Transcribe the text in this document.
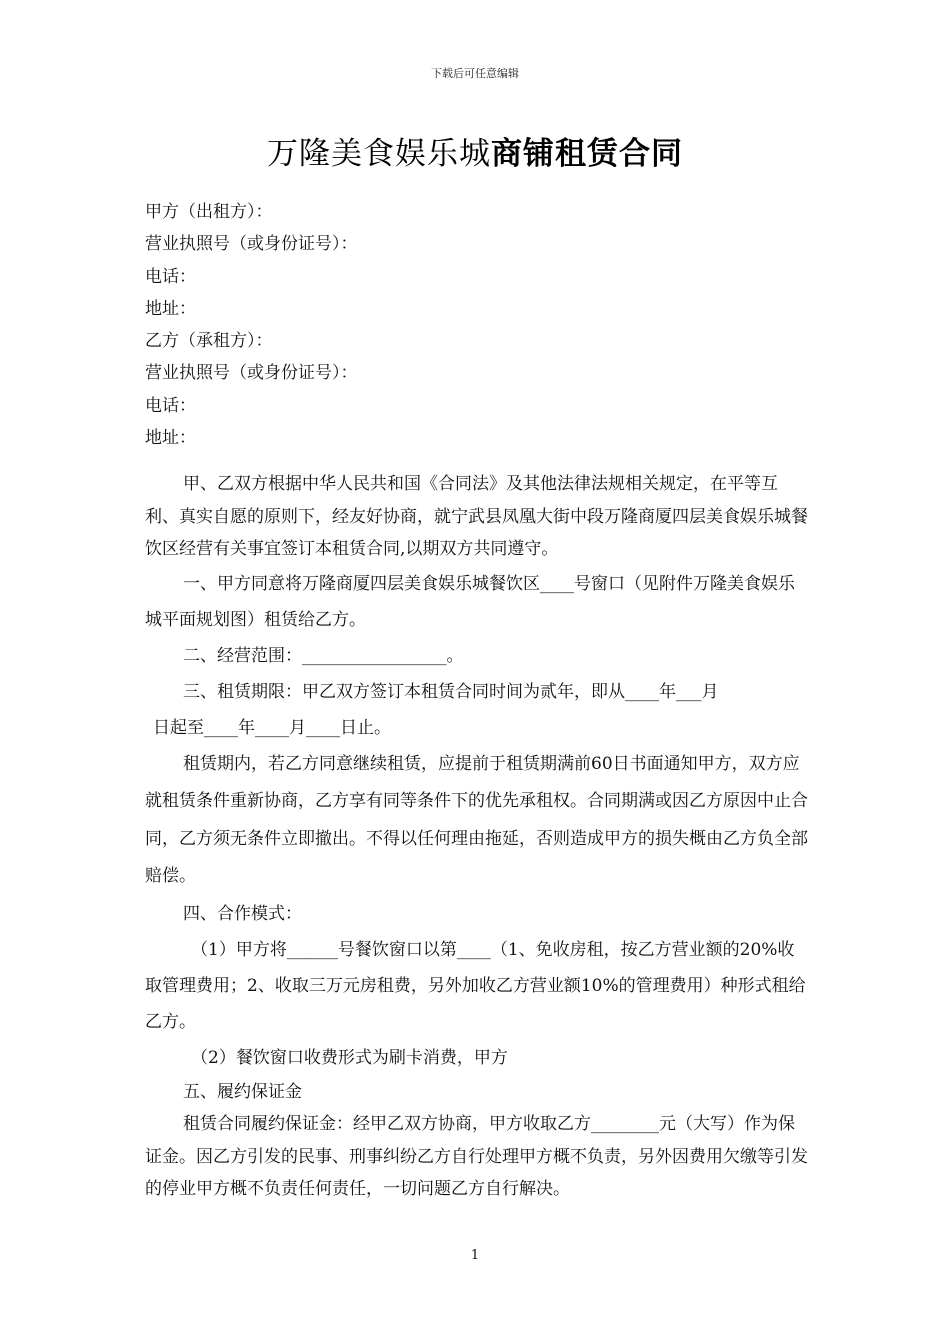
下载后可任意编辑
万隆美食娱乐城商铺租赁合同
甲方（出租方）：
营业执照号（或身份证号）：
电话：
地址：
乙方（承租方）：
营业执照号（或身份证号）：
电话：
地址：

甲、乙双方根据中华人民共和国《合同法》及其他法律法规相关规定，在平等互利、真实自愿的原则下，经友好协商，就宁武县凤凰大街中段万隆商厦四层美食娱乐城餐饮区经营有关事宜签订本租赁合同,以期双方共同遵守。

一、甲方同意将万隆商厦四层美食娱乐城餐饮区____号窗口（见附件万隆美食娱乐城平面规划图）租赁给乙方。

二、经营范围：_________________。

三、租赁期限：甲乙双方签订本租赁合同时间为贰年，即从____年___月

日起至____年____月____日止。

租赁期内，若乙方同意继续租赁，应提前于租赁期满前60日书面通知甲方，双方应就租赁条件重新协商，乙方享有同等条件下的优先承租权。合同期满或因乙方原因中止合同，乙方须无条件立即撤出。不得以任何理由拖延，否则造成甲方的损失概由乙方负全部赔偿。

四、合作模式：

（1）甲方将______号餐饮窗口以第____（1、免收房租，按乙方营业额的20%收取管理费用；2、收取三万元房租费，另外加收乙方营业额10%的管理费用）种形式租给乙方。

（2）餐饮窗口收费形式为刷卡消费，甲方

五、履约保证金

租赁合同履约保证金：经甲乙双方协商，甲方收取乙方________元（大写）作为保证金。因乙方引发的民事、刑事纠纷乙方自行处理甲方概不负责，另外因费用欠缴等引发的停业甲方概不负责任何责任，一切问题乙方自行解决。

1
